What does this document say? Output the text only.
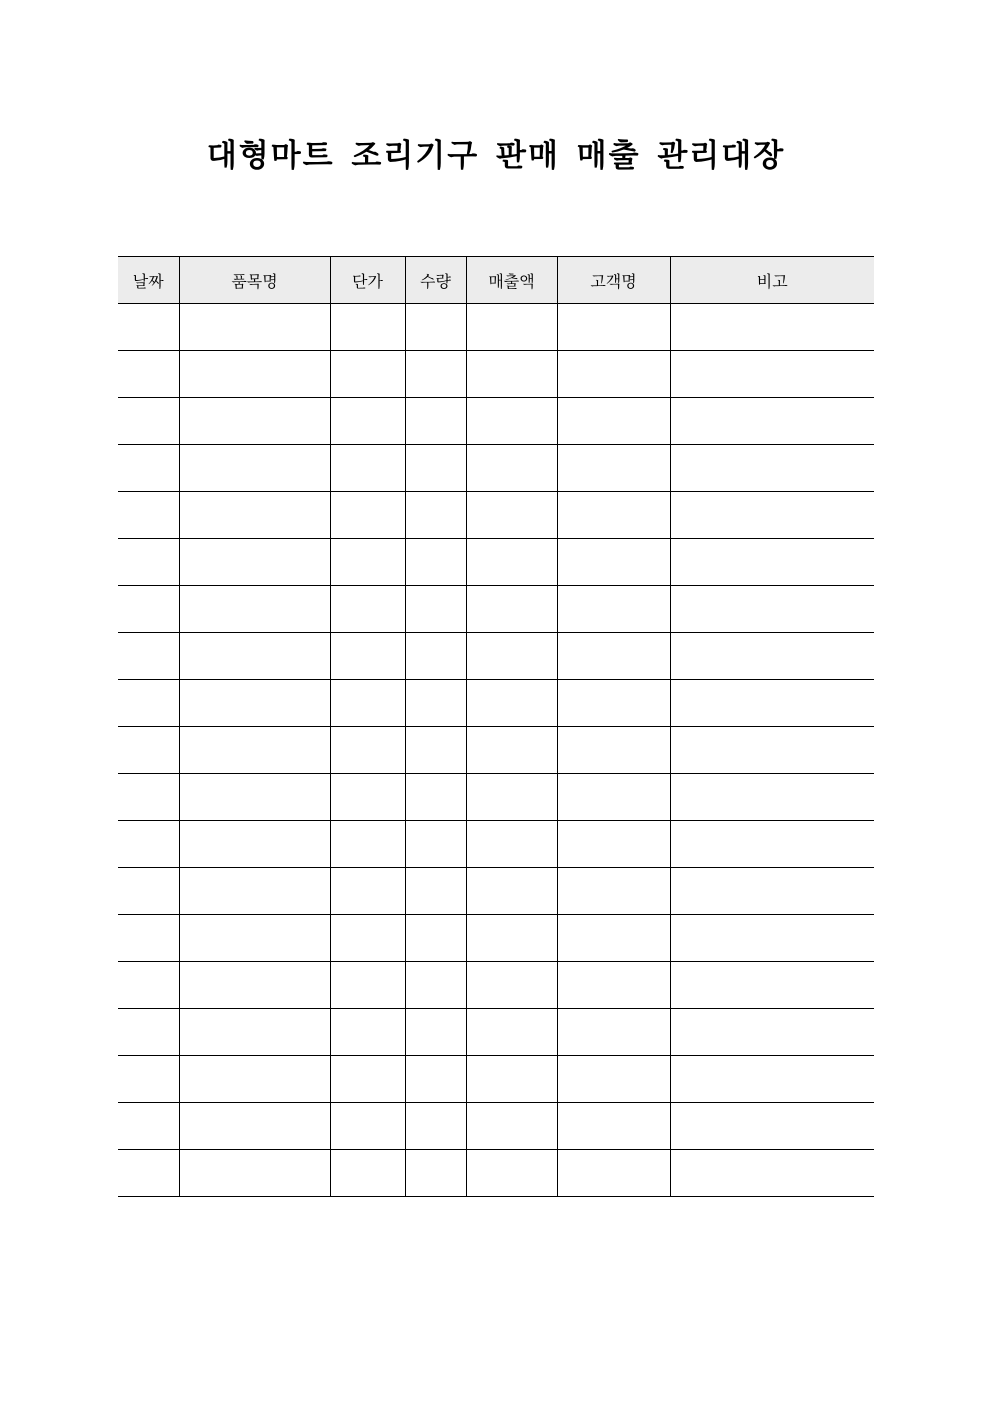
대형마트 조리기구 판매 매출 관리대장
날짜	품목명	단가	수량	매출액	고객명	비고
